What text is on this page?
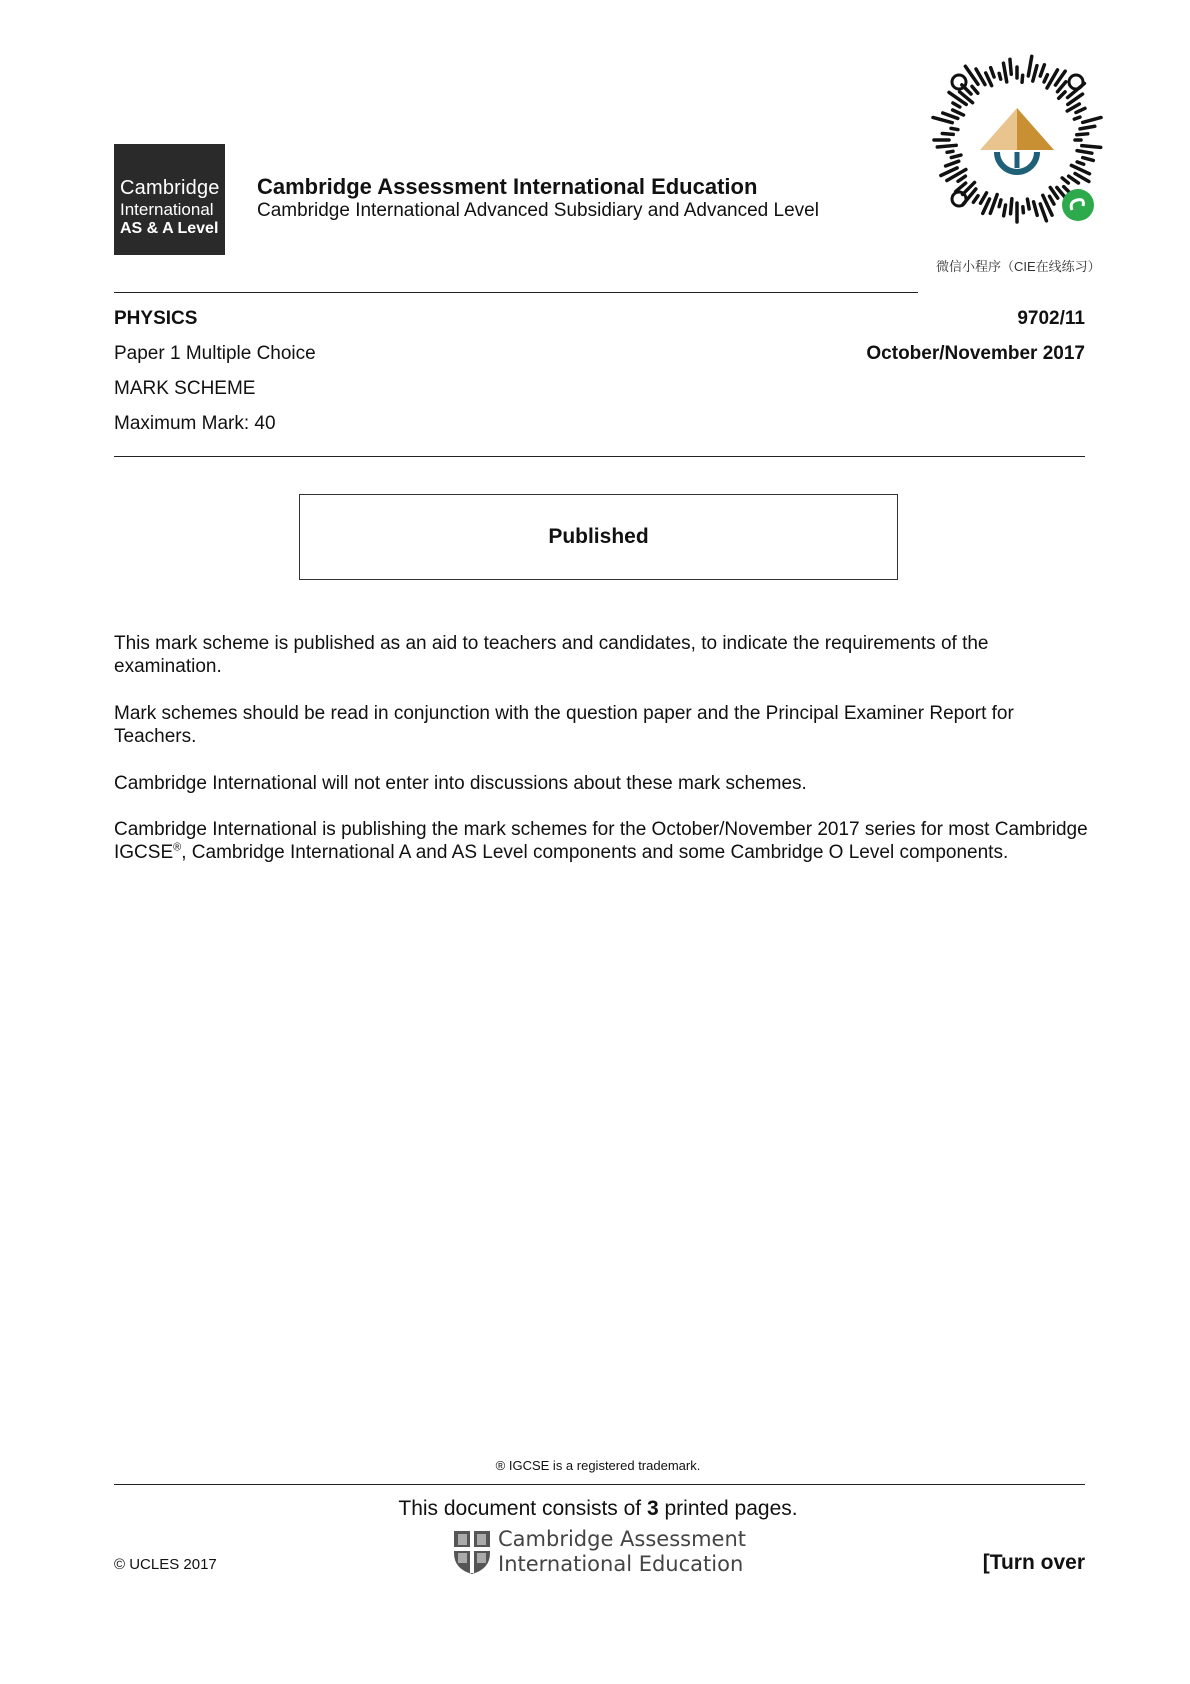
Cambridge
International
AS & A Level
Cambridge Assessment International Education
Cambridge International Advanced Subsidiary and Advanced Level
微信小程序（CIE在线练习）
PHYSICS	9702/11
Paper 1 Multiple Choice	October/November 2017
MARK SCHEME
Maximum Mark: 40
Published
This mark scheme is published as an aid to teachers and candidates, to indicate the requirements of the examination.
Mark schemes should be read in conjunction with the question paper and the Principal Examiner Report for Teachers.
Cambridge International will not enter into discussions about these mark schemes.
Cambridge International is publishing the mark schemes for the October/November 2017 series for most Cambridge IGCSE®, Cambridge International A and AS Level components and some Cambridge O Level components.
® IGCSE is a registered trademark.
This document consists of 3 printed pages.
© UCLES 2017
Cambridge Assessment
International Education	[Turn over
